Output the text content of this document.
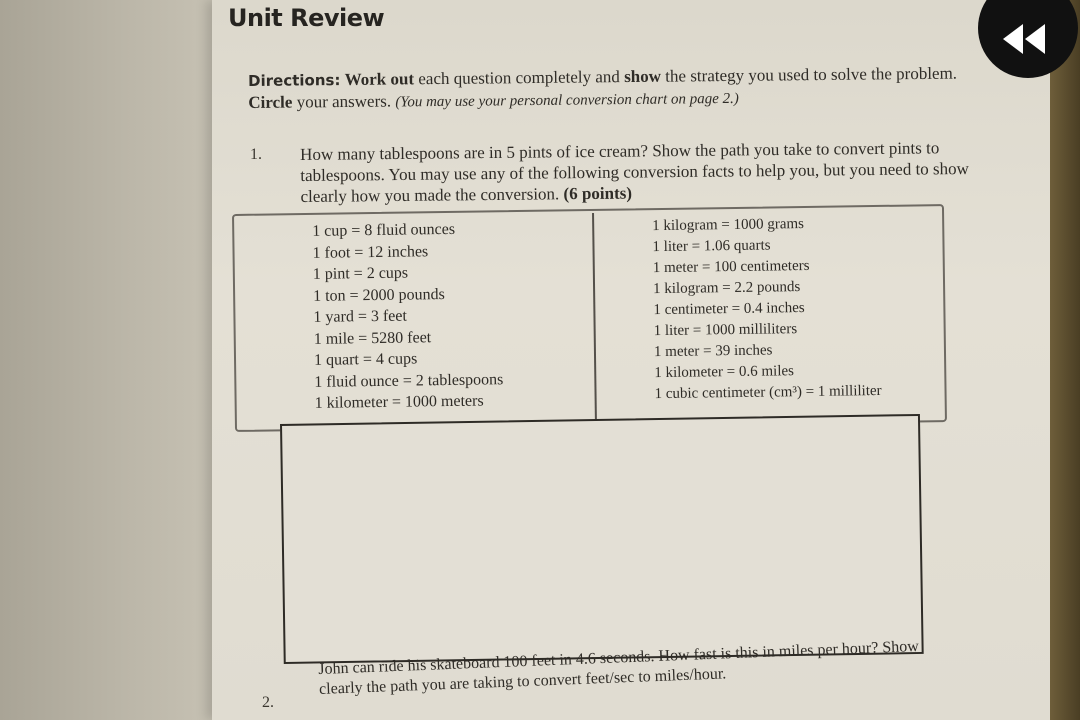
Unit Review
Directions: Work out each question completely and show the strategy you used to solve the problem. Circle your answers. (You may use your personal conversion chart on page 2.)
1. How many tablespoons are in 5 pints of ice cream? Show the path you take to convert pints to tablespoons. You may use any of the following conversion facts to help you, but you need to show clearly how you made the conversion. (6 points)
1 cup = 8 fluid ounces
1 foot = 12 inches
1 pint = 2 cups
1 ton = 2000 pounds
1 yard = 3 feet
1 mile = 5280 feet
1 quart = 4 cups
1 fluid ounce = 2 tablespoons
1 kilometer = 1000 meters
1 kilogram = 1000 grams
1 liter = 1.06 quarts
1 meter = 100 centimeters
1 kilogram = 2.2 pounds
1 centimeter = 0.4 inches
1 liter = 1000 milliliters
1 meter = 39 inches
1 kilometer = 0.6 miles
1 cubic centimeter (cm³) = 1 milliliter
2.
John can ride his skateboard 100 feet in 4.6 seconds. How fast is this in miles per hour? Show clearly the path you are taking to convert feet/sec to miles/hour.
